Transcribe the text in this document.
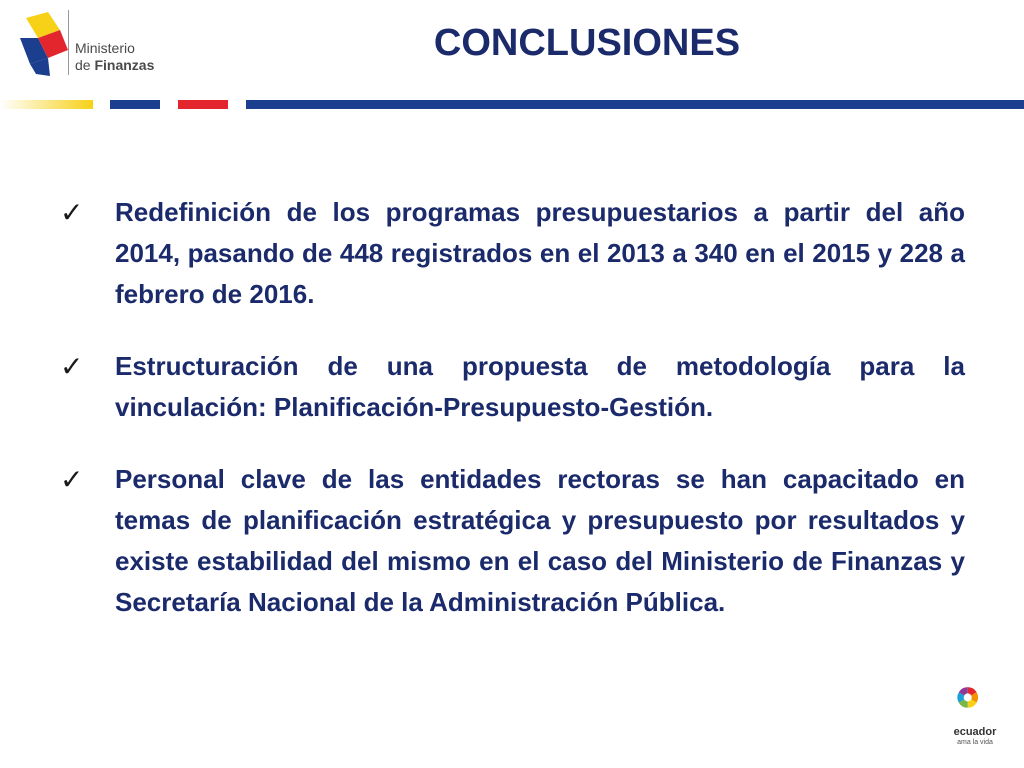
Ministerio
de Finanzas
CONCLUSIONES
✓	Redefinición de los programas presupuestarios a partir del año 2014, pasando de 448 registrados en el 2013 a 340 en el 2015 y 228 a febrero de 2016.
✓	Estructuración de una propuesta de metodología para la vinculación: Planificación-Presupuesto-Gestión.
✓	Personal clave de las entidades rectoras se han capacitado en temas de planificación estratégica y presupuesto por resultados y existe estabilidad del mismo en el caso del Ministerio de Finanzas y Secretaría Nacional de la Administración Pública.
ecuador
ama la vida
